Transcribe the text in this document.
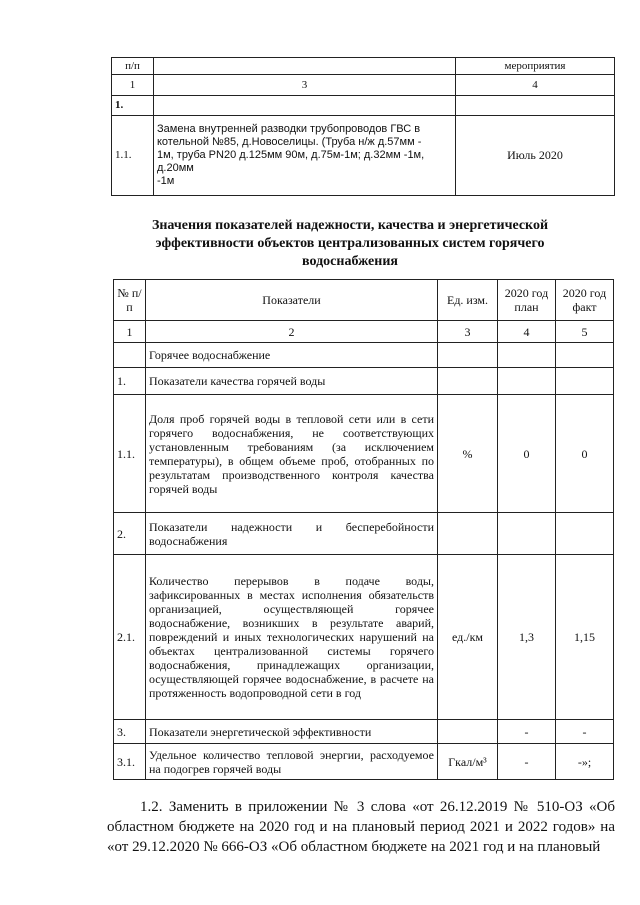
п/п		мероприятия
1	3	4
1.		
1.1.	Замена внутренней разводки трубопроводов ГВС в
котельной №85, д.Новоселицы. (Труба н/ж д.57мм -
1м, труба PN20 д.125мм 90м, д.75м-1м; д.32мм -1м,
д.20мм
-1м	Июль 2020
Значения показателей надежности, качества и энергетической
эффективности объектов централизованных систем горячего
водоснабжения
№ п/п	Показатели	Ед. изм.	2020 год план	2020 год факт
1	2	3	4	5
	Горячее водоснабжение			
1.	Показатели качества горячей воды			
1.1.	Доля проб горячей воды в тепловой сети или в сети горячего водоснабжения, не соответствующих установленным требованиям (за исключением температуры), в общем объеме проб, отобранных по результатам производственного контроля качества горячей воды	%	0	0
2.	Показатели надежности и бесперебойности водоснабжения			
2.1.	Количество перерывов в подаче воды, зафиксированных в местах исполнения обязательств организацией, осуществляющей горячее водоснабжение, возникших в результате аварий, повреждений и иных технологических нарушений на объектах централизованной системы горячего водоснабжения, принадлежащих организации, осуществляющей горячее водоснабжение, в расчете на протяженность водопроводной сети в год	ед./км	1,3	1,15
3.	Показатели энергетической эффективности		-	-
3.1.	Удельное количество тепловой энергии, расходуемое на подогрев горячей воды	Гкал/м³	-	-»;

1.2. Заменить в приложении № 3 слова «от 26.12.2019 № 510-ОЗ «Об областном бюджете на 2020 год и на плановый период 2021 и 2022 годов» на «от 29.12.2020 № 666-ОЗ «Об областном бюджете на 2021 год и на плановый
